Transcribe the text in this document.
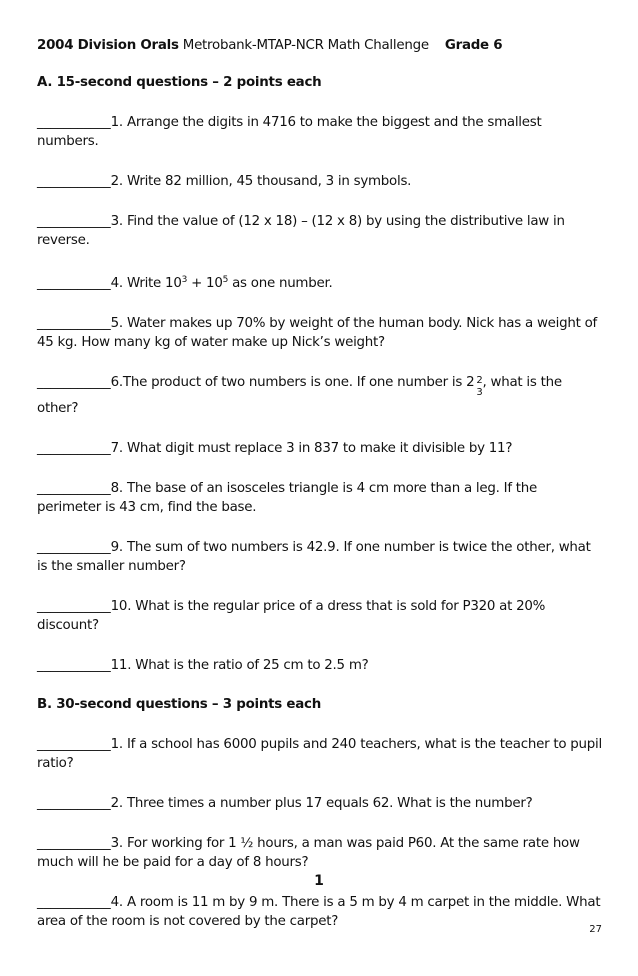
2004 Division Orals
Metrobank-MTAP-NCR Math Challenge Grade 6
A. 15-second questions – 2 points each
___________1. Arrange the digits in 4716 to make the biggest and the smallest numbers.
___________2. Write 82 million, 45 thousand, 3 in symbols.
___________3. Find the value of (12 x 18) – (12 x 8) by using the distributive law in reverse.
___________4. Write $10^3 + 10^5$ as one number.
___________5. Water makes up 70% by weight of the human body. Nick has a weight of 45 kg. How many kg of water make up Nick’s weight?
___________6.The product of two numbers is one. If one number is 2 2
3
, what is the other?
___________7. What digit must replace 3 in 837 to make it divisible by 11?
___________8. The base of an isosceles triangle is 4 cm more than a leg. If the perimeter is 43 cm, find the base.
___________9. The sum of two numbers is 42.9. If one number is twice the other, what is the smaller number?
___________10. What is the regular price of a dress that is sold for P320 at 20% discount?
___________11. What is the ratio of 25 cm to 2.5 m?
B. 30-second questions – 3 points each
___________1. If a school has 6000 pupils and 240 teachers, what is the teacher to pupil ratio?
___________2. Three times a number plus 17 equals 62. What is the number?
___________3. For working for 1 ½ hours, a man was paid P60. At the same rate how much will he be paid for a day of 8 hours?
___________4. A room is 11 m by 9 m. There is a 5 m by 4 m carpet in the middle. What area of the room is not covered by the carpet?
1
27
